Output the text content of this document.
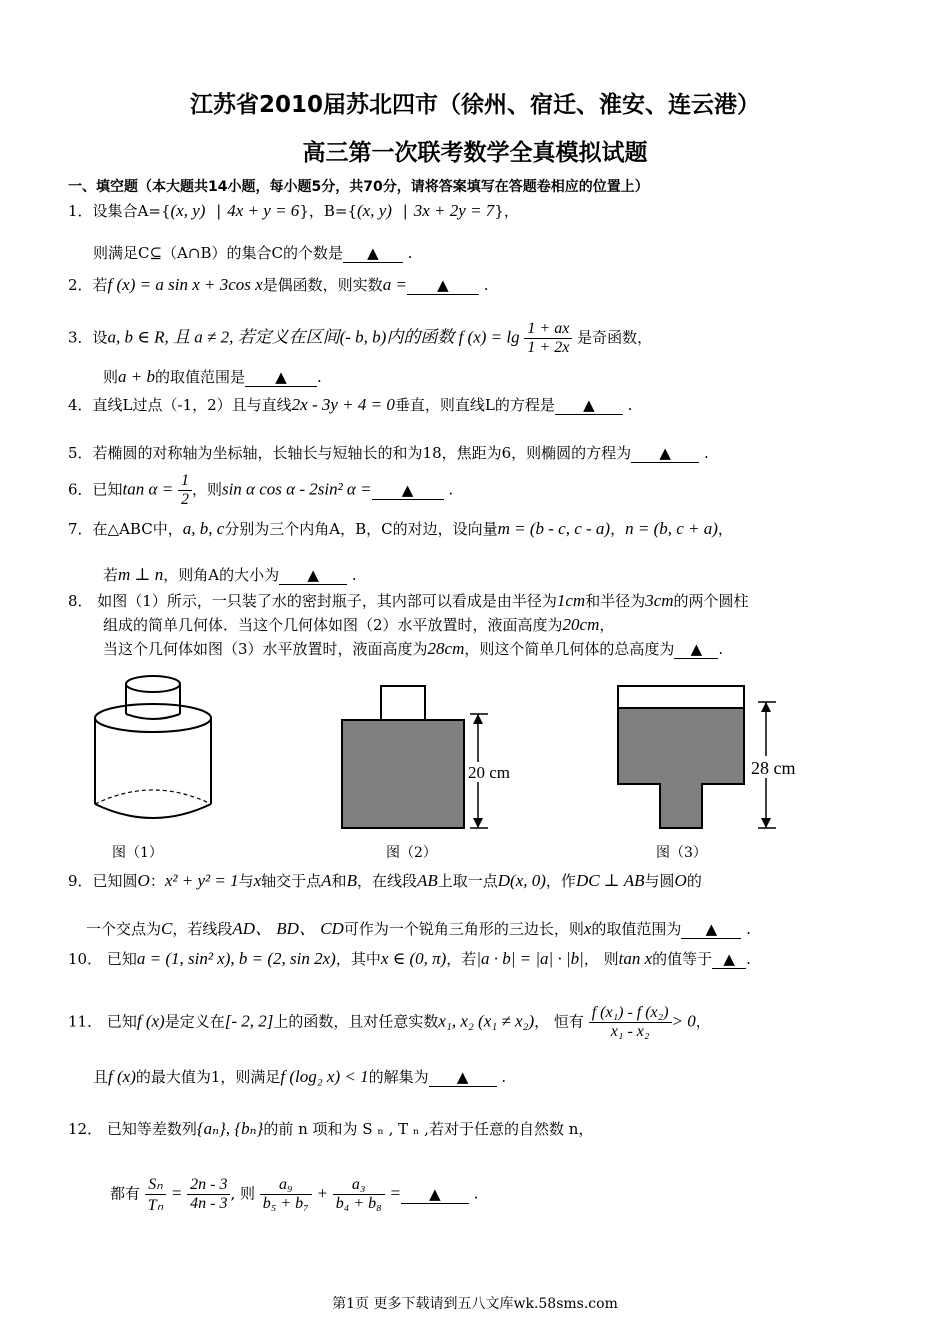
江苏省2010届苏北四市（徐州、宿迁、淮安、连云港）
高三第一次联考数学全真模拟试题
一、填空题（本大题共14小题，每小题5分，共70分，请将答案填写在答题卷相应的位置上）
1．设集合A={(x, y) | 4x + y = 6}，B={(x, y) | 3x + 2y = 7}，
则满足C⊆（A∩B）的集合C的个数是 ▲ .
2．若f (x) = a sin x + 3cos x是偶函数，则实数a = ▲ .
3．设a, b ∈ R, 且 a ≠ 2, 若定义在区间(- b, b)内的函数 f $(x) = \lg \frac{1 + ax}{1 + 2x}$ 是奇函数，
则a + b的取值范围是 ▲ .
4．直线L过点（-1，2）且与直线2x - 3y + 4 = 0垂直，则直线L的方程是 ▲ .
5．若椭圆的对称轴为坐标轴，长轴长与短轴长的和为18，焦距为6，则椭圆的方程为 ▲ .
6．已知$\tan \alpha = \frac{1}{2}$ ，则sin α cos α - 2sin² α = ▲ .
7．在△ABC中，a, b, c分别为三个内角A，B，C的对边，设向量m = (b - c, c - a)，n = (b, c + a)，
若m ⊥ n，则角A的大小为 ▲ .
8． 如图（1）所示，一只装了水的密封瓶子，其内部可以看成是由半径为1cm和半径为3cm的两个圆柱
组成的简单几何体．当这个几何体如图（2）水平放置时，液面高度为20cm，
当这个几何体如图（3）水平放置时，液面高度为28cm，则这个简单几何体的总高度为 ▲ .
图（1）
20 cm
图（2）
28 cm
图（3）
9．已知圆O：x² + y² = 1与x轴交于点A和B，在线段AB上取一点D(x, 0)，作DC ⊥ AB与圆O的
一个交点为C，若线段AD、 BD、 CD可作为一个锐角三角形的三边长，则x的取值范围为 ▲ .
10． 已知a = (1, sin² x), b = (2, sin 2x)，其中x ∈ (0, π)，若|a · b| = |a| · |b|， 则tan x的值等于 ▲ .
11． 已知f (x)是定义在[- 2, 2]上的函数，且对任意实数x₁, x₂ (x₁ ≠ x₂)， 恒有 $\frac{\text{f (x₁) - f (x₂)}}{\text{x₁ - x₂}} > 0$，
且f (x)的最大值为1，则满足f (log₂ x) < 1的解集为 ▲ .
12． 已知等差数列{aₙ}, {bₙ}的前 n 项和为 S ₙ , T ₙ ,若对于任意的自然数 n，
都有 $\frac{\text{Sₙ}}{\text{Tₙ}} = \frac{2n - 3}{4n - 3}$ , 则 $\frac{\text{a₉}}{\text{b₅ + b₇}} + \frac{\text{a₃}}{\text{b₄ + b₈}}$ = ▲ .
第1页 更多下载请到五八文库wk.58sms.com
